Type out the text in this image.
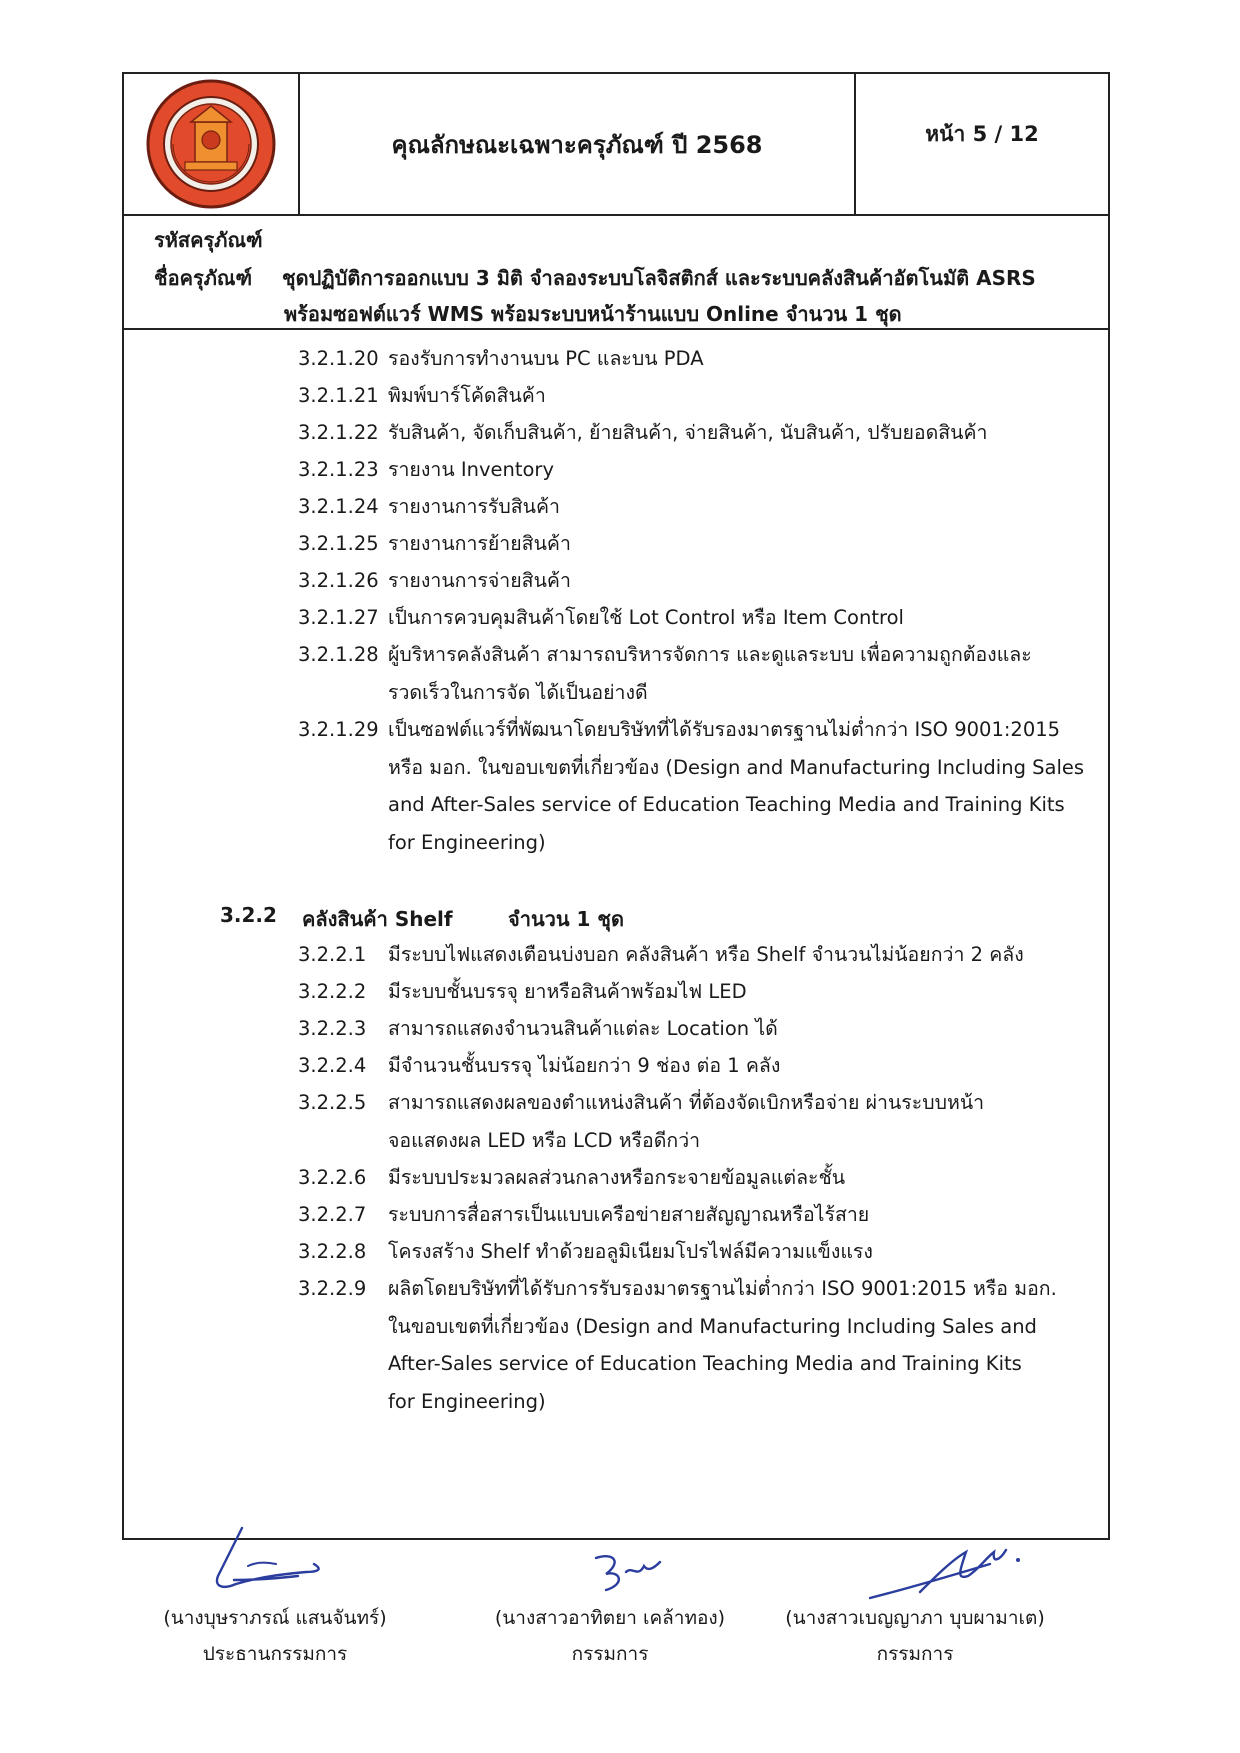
คุณลักษณะเฉพาะครุภัณฑ์ ปี 2568	หน้า 5 / 12
รหัสครุภัณฑ์
ชื่อครุภัณฑ์ ชุดปฏิบัติการออกแบบ 3 มิติ จำลองระบบโลจิสติกส์ และระบบคลังสินค้าอัตโนมัติ ASRS
พร้อมซอฟต์แวร์ WMS พร้อมระบบหน้าร้านแบบ Online จำนวน 1 ชุด
3.2.1.20 รองรับการทำงานบน PC และบน PDA
3.2.1.21 พิมพ์บาร์โค้ดสินค้า
3.2.1.22 รับสินค้า, จัดเก็บสินค้า, ย้ายสินค้า, จ่ายสินค้า, นับสินค้า, ปรับยอดสินค้า
3.2.1.23 รายงาน Inventory
3.2.1.24 รายงานการรับสินค้า
3.2.1.25 รายงานการย้ายสินค้า
3.2.1.26 รายงานการจ่ายสินค้า
3.2.1.27 เป็นการควบคุมสินค้าโดยใช้ Lot Control หรือ Item Control
3.2.1.28 ผู้บริหารคลังสินค้า สามารถบริหารจัดการ และดูแลระบบ เพื่อความถูกต้องและ
รวดเร็วในการจัด ได้เป็นอย่างดี
3.2.1.29 เป็นซอฟต์แวร์ที่พัฒนาโดยบริษัทที่ได้รับรองมาตรฐานไม่ต่ำกว่า ISO 9001:2015
หรือ มอก. ในขอบเขตที่เกี่ยวข้อง (Design and Manufacturing Including Sales
and After-Sales service of Education Teaching Media and Training Kits
for Engineering)
3.2.2 คลังสินค้า Shelf	จำนวน 1 ชุด
3.2.2.1 มีระบบไฟแสดงเตือนบ่งบอก คลังสินค้า หรือ Shelf จำนวนไม่น้อยกว่า 2 คลัง
3.2.2.2 มีระบบชั้นบรรจุ ยาหรือสินค้าพร้อมไฟ LED
3.2.2.3 สามารถแสดงจำนวนสินค้าแต่ละ Location ได้
3.2.2.4 มีจำนวนชั้นบรรจุ ไม่น้อยกว่า 9 ช่อง ต่อ 1 คลัง
3.2.2.5 สามารถแสดงผลของตำแหน่งสินค้า ที่ต้องจัดเบิกหรือจ่าย ผ่านระบบหน้า
จอแสดงผล LED หรือ LCD หรือดีกว่า
3.2.2.6 มีระบบประมวลผลส่วนกลางหรือกระจายข้อมูลแต่ละชั้น
3.2.2.7 ระบบการสื่อสารเป็นแบบเครือข่ายสายสัญญาณหรือไร้สาย
3.2.2.8 โครงสร้าง Shelf ทำด้วยอลูมิเนียมโปรไฟล์มีความแข็งแรง
3.2.2.9 ผลิตโดยบริษัทที่ได้รับการรับรองมาตรฐานไม่ต่ำกว่า ISO 9001:2015 หรือ มอก.
ในขอบเขตที่เกี่ยวข้อง (Design and Manufacturing Including Sales and
After-Sales service of Education Teaching Media and Training Kits
for Engineering)
(นางบุษราภรณ์ แสนจันทร์)
ประธานกรรมการ
(นางสาวอาทิตยา เคล้าทอง)
กรรมการ
(นางสาวเบญญาภา บุบผามาเต)
กรรมการ
